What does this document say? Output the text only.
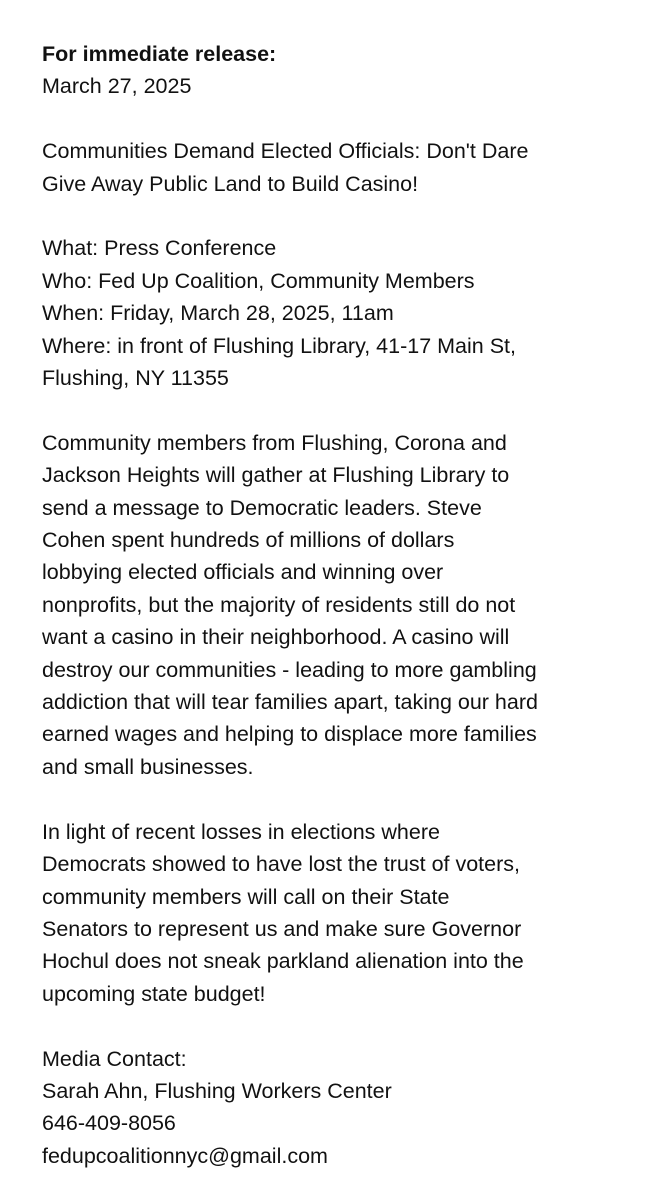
For immediate release:
March 27, 2025
Communities Demand Elected Officials: Don't Dare
Give Away Public Land to Build Casino!
What: Press Conference
Who: Fed Up Coalition, Community Members
When: Friday, March 28, 2025, 11am
Where: in front of Flushing Library, 41-17 Main St,
Flushing, NY 11355
Community members from Flushing, Corona and
Jackson Heights will gather at Flushing Library to
send a message to Democratic leaders. Steve
Cohen spent hundreds of millions of dollars
lobbying elected officials and winning over
nonprofits, but the majority of residents still do not
want a casino in their neighborhood. A casino will
destroy our communities - leading to more gambling
addiction that will tear families apart, taking our hard
earned wages and helping to displace more families
and small businesses.
In light of recent losses in elections where
Democrats showed to have lost the trust of voters,
community members will call on their State
Senators to represent us and make sure Governor
Hochul does not sneak parkland alienation into the
upcoming state budget!
Media Contact:
Sarah Ahn, Flushing Workers Center
646-409-8056
fedupcoalitionnyc@gmail.com
